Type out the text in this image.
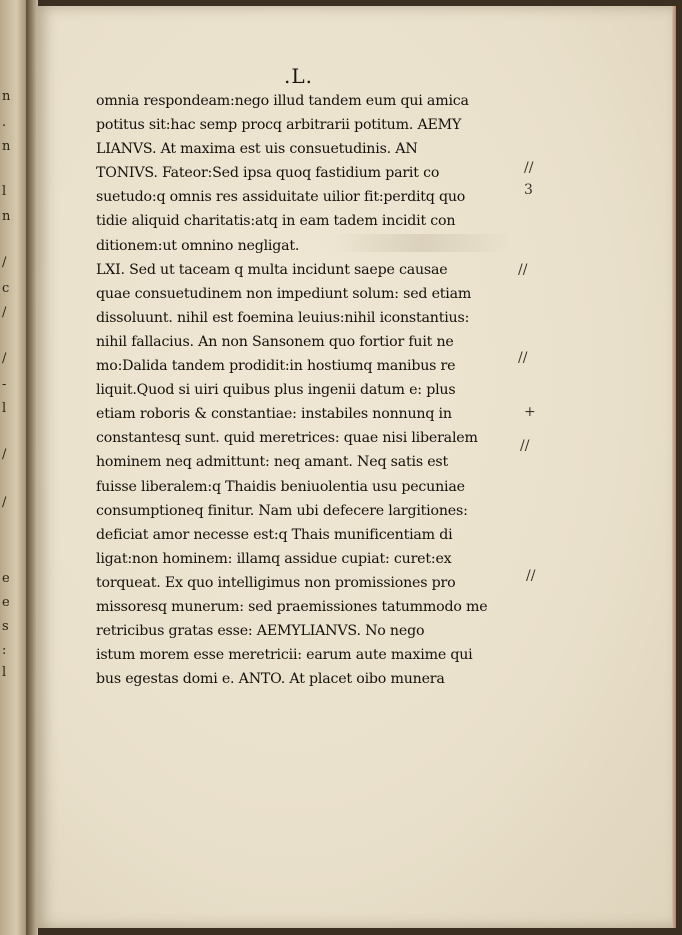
n
.
n
l
n
/
c
/
/
-
l
/
/
e
e
s
:
l
.L.
omnia respondeam:nego illud tandem eum qui amica
potitus sit:hac semp procq arbitrarii potitum. AEMY
LIANVS. At maxima est uis consuetudinis. AN
TONIVS. Fateor:Sed ipsa quoq fastidium parit co
suetudo:q omnis res assiduitate uilior fit:perditq quo
tidie aliquid charitatis:atq in eam tadem incidit con
ditionem:ut omnino negligat.
LXI. Sed ut taceam q multa incidunt saepe causae
quae consuetudinem non impediunt solum: sed etiam
dissoluunt. nihil est foemina leuius:nihil iconstantius:
nihil fallacius. An non Sansonem quo fortior fuit ne
mo:Dalida tandem prodidit:in hostiumq manibus re
liquit.Quod si uiri quibus plus ingenii datum e: plus
etiam roboris & constantiae: instabiles nonnunq in
constantesq sunt. quid meretrices: quae nisi liberalem
hominem neq admittunt: neq amant. Neq satis est
fuisse liberalem:q Thaidis beniuolentia usu pecuniae
consumptioneq finitur. Nam ubi defecere largitiones:
deficiat amor necesse est:q Thais munificentiam di
ligat:non hominem: illamq assidue cupiat: curet:ex
torqueat. Ex quo intelligimus non promissiones pro
missoresq munerum: sed praemissiones tatummodo me
retricibus gratas esse: AEMYLIANVS. No nego
istum morem esse meretricii: earum aute maxime qui
bus egestas domi e. ANTO. At placet oibo munera
//
3
//
//
+
//
//
